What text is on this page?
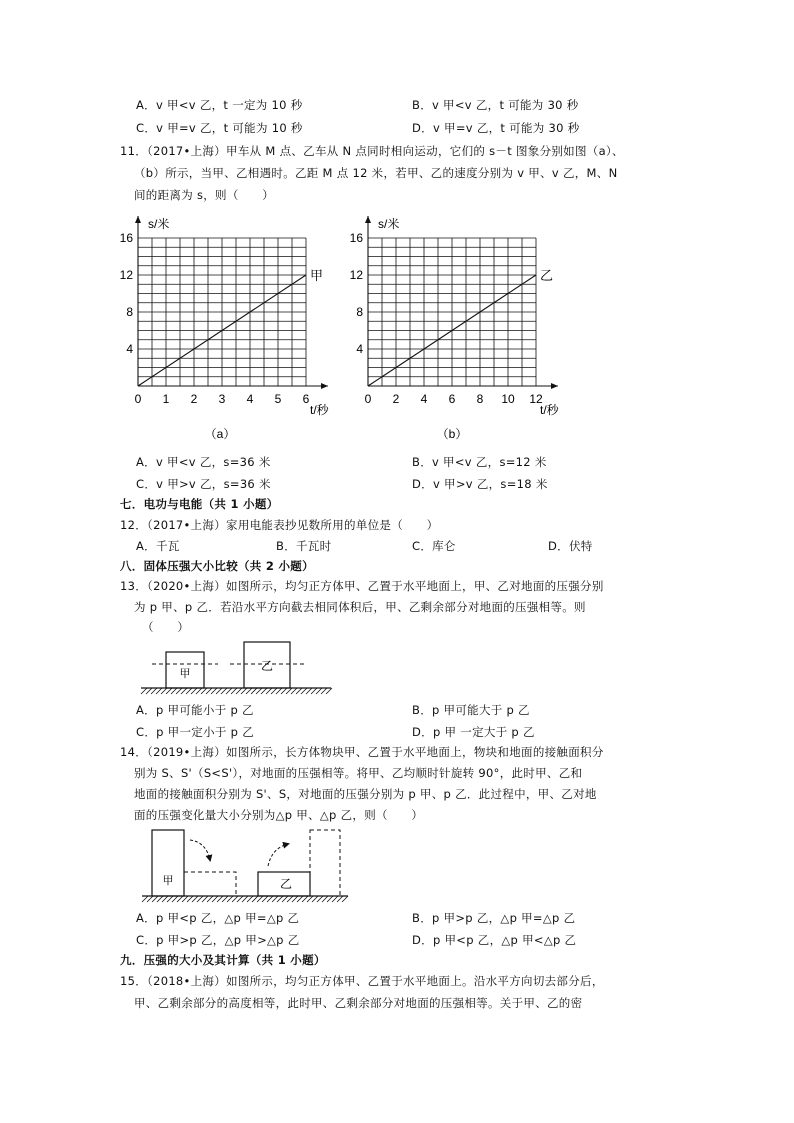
A．v 甲<v 乙，t 一定为 10 秒	B．v 甲<v 乙，t 可能为 30 秒
C．v 甲=v 乙，t 可能为 10 秒	D．v 甲=v 乙，t 可能为 30 秒
11．（2017•上海）甲车从 M 点、乙车从 N 点同时相向运动，它们的 s－t 图象分别如图（a）、
（b）所示，当甲、乙相遇时。乙距 M 点 12 米，若甲、乙的速度分别为 v 甲、v 乙，M、N
间的距离为 s，则（　　）
0 1 2 3 4 5 6
4
8
12
16
s/米
t/秒
甲
（a）
0 2 4 6 8 10 12
4
8
12
16
s/米
t/秒
乙
（b）
A．v 甲<v 乙，s=36 米	B．v 甲<v 乙，s=12 米
C．v 甲>v 乙，s=36 米	D．v 甲>v 乙，s=18 米
七．电功与电能（共 1 小题）
12．（2017•上海）家用电能表抄见数所用的单位是（　　）
A．千瓦	B．千瓦时	C．库仑	D．伏特
八．固体压强大小比较（共 2 小题）
13．（2020•上海）如图所示，均匀正方体甲、乙置于水平地面上，甲、乙对地面的压强分别
为 p 甲、p 乙．若沿水平方向截去相同体积后，甲、乙剩余部分对地面的压强相等。则
（　　）
甲
乙
A．p 甲可能小于 p 乙	B．p 甲可能大于 p 乙
C．p 甲一定小于 p 乙	D．p 甲 一定大于 p 乙
14．（2019•上海）如图所示，长方体物块甲、乙置于水平地面上，物块和地面的接触面积分
别为 S、S'（S<S'），对地面的压强相等。将甲、乙均顺时针旋转 90°，此时甲、乙和
地面的接触面积分别为 S'、S，对地面的压强分别为 p 甲、p 乙．此过程中，甲、乙对地
面的压强变化量大小分别为△p 甲、△p 乙，则（　　）
甲	乙
A．p 甲<p 乙，△p 甲=△p 乙	B．p 甲>p 乙，△p 甲=△p 乙
C．p 甲>p 乙，△p 甲>△p 乙	D．p 甲<p 乙，△p 甲<△p 乙
九．压强的大小及其计算（共 1 小题）
15．（2018•上海）如图所示，均匀正方体甲、乙置于水平地面上。沿水平方向切去部分后，
甲、乙剩余部分的高度相等，此时甲、乙剩余部分对地面的压强相等。关于甲、乙的密
